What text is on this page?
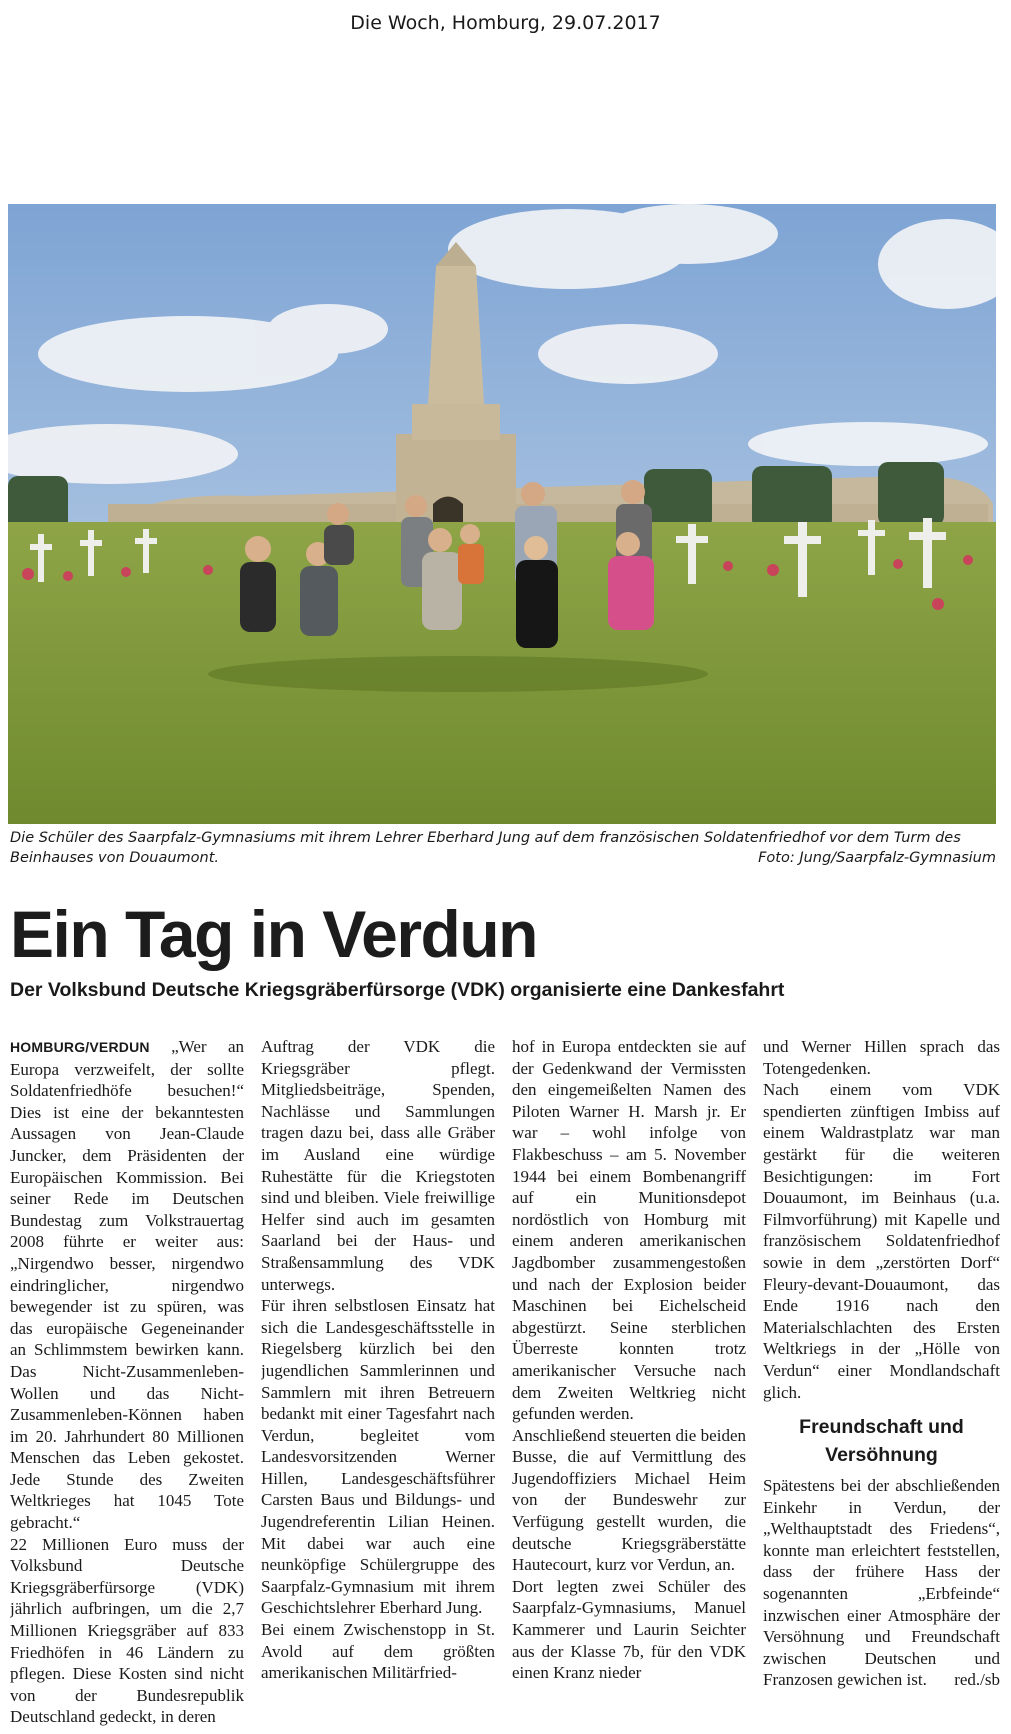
Die Woch, Homburg, 29.07.2017
Die Schüler des Saarpfalz-Gymnasiums mit ihrem Lehrer Eberhard Jung auf dem französischen Soldatenfriedhof vor dem Turm des Beinhauses von Douaumont.	Foto: Jung/Saarpfalz-Gymnasium
Ein Tag in Verdun
Der Volksbund Deutsche Kriegsgräberfürsorge (VDK) organisierte eine Dankesfahrt

HOMBURG/VERDUN „Wer an Europa verzweifelt, der sollte Soldatenfriedhöfe besuchen!“ Dies ist eine der bekanntesten Aussagen von Jean-Claude Juncker, dem Präsidenten der Europäischen Kommission. Bei seiner Rede im Deutschen Bundestag zum Volkstrauertag 2008 führte er weiter aus: „Nirgendwo besser, nirgendwo eindringlicher, nirgendwo bewegender ist zu spüren, was das europäische Gegeneinander an Schlimmstem bewirken kann. Das Nicht-Zusammenleben-Wollen und das Nicht-Zusammenleben-Können haben im 20. Jahrhundert 80 Millionen Menschen das Leben gekostet. Jede Stunde des Zweiten Weltkrieges hat 1045 Tote gebracht.“

22 Millionen Euro muss der Volksbund Deutsche Kriegsgräberfürsorge (VDK) jährlich aufbringen, um die 2,7 Millionen Kriegsgräber auf 833 Friedhöfen in 46 Ländern zu pflegen. Diese Kosten sind nicht von der Bundesrepublik Deutschland gedeckt, in deren

Auftrag der VDK die Kriegsgräber pflegt. Mitgliedsbeiträge, Spenden, Nachlässe und Sammlungen tragen dazu bei, dass alle Gräber im Ausland eine würdige Ruhestätte für die Kriegstoten sind und bleiben. Viele freiwillige Helfer sind auch im gesamten Saarland bei der Haus- und Straßensammlung des VDK unterwegs.

Für ihren selbstlosen Einsatz hat sich die Landesgeschäftsstelle in Riegelsberg kürzlich bei den jugendlichen Sammlerinnen und Sammlern mit ihren Betreuern bedankt mit einer Tagesfahrt nach Verdun, begleitet vom Landesvorsitzenden Werner Hillen, Landesgeschäftsführer Carsten Baus und Bildungs- und Jugendreferentin Lilian Heinen. Mit dabei war auch eine neunköpfige Schülergruppe des Saarpfalz-Gymnasium mit ihrem Geschichtslehrer Eberhard Jung.

Bei einem Zwischenstopp in St. Avold auf dem größten amerikanischen Militärfried-

hof in Europa entdeckten sie auf der Gedenkwand der Vermissten den eingemeißelten Namen des Piloten Warner H. Marsh jr. Er war – wohl infolge von Flakbeschuss – am 5. November 1944 bei einem Bombenangriff auf ein Munitionsdepot nordöstlich von Homburg mit einem anderen amerikanischen Jagdbomber zusammengestoßen und nach der Explosion beider Maschinen bei Eichelscheid abgestürzt. Seine sterblichen Überreste konnten trotz amerikanischer Versuche nach dem Zweiten Weltkrieg nicht gefunden werden.

Anschließend steuerten die beiden Busse, die auf Vermittlung des Jugendoffiziers Michael Heim von der Bundeswehr zur Verfügung gestellt wurden, die deutsche Kriegsgräberstätte Hautecourt, kurz vor Verdun, an.

Dort legten zwei Schüler des Saarpfalz-Gymnasiums, Manuel Kammerer und Laurin Seichter aus der Klasse 7b, für den VDK einen Kranz nieder

und Werner Hillen sprach das Totengedenken.

Nach einem vom VDK spendierten zünftigen Imbiss auf einem Waldrastplatz war man gestärkt für die weiteren Besichtigungen: im Fort Douaumont, im Beinhaus (u.a. Filmvorführung) mit Kapelle und französischem Soldatenfriedhof sowie in dem „zerstörten Dorf“ Fleury-devant-Douaumont, das Ende 1916 nach den Materialschlachten des Ersten Weltkriegs in der „Hölle von Verdun“ einer Mondlandschaft glich.

Freundschaft und Versöhnung

Spätestens bei der abschließenden Einkehr in Verdun, der „Welthauptstadt des Friedens“, konnte man erleichtert feststellen, dass der frühere Hass der sogenannten „Erbfeinde“ inzwischen einer Atmosphäre der Versöhnung und Freundschaft zwischen Deutschen und Franzosen gewichen ist. red./sb
